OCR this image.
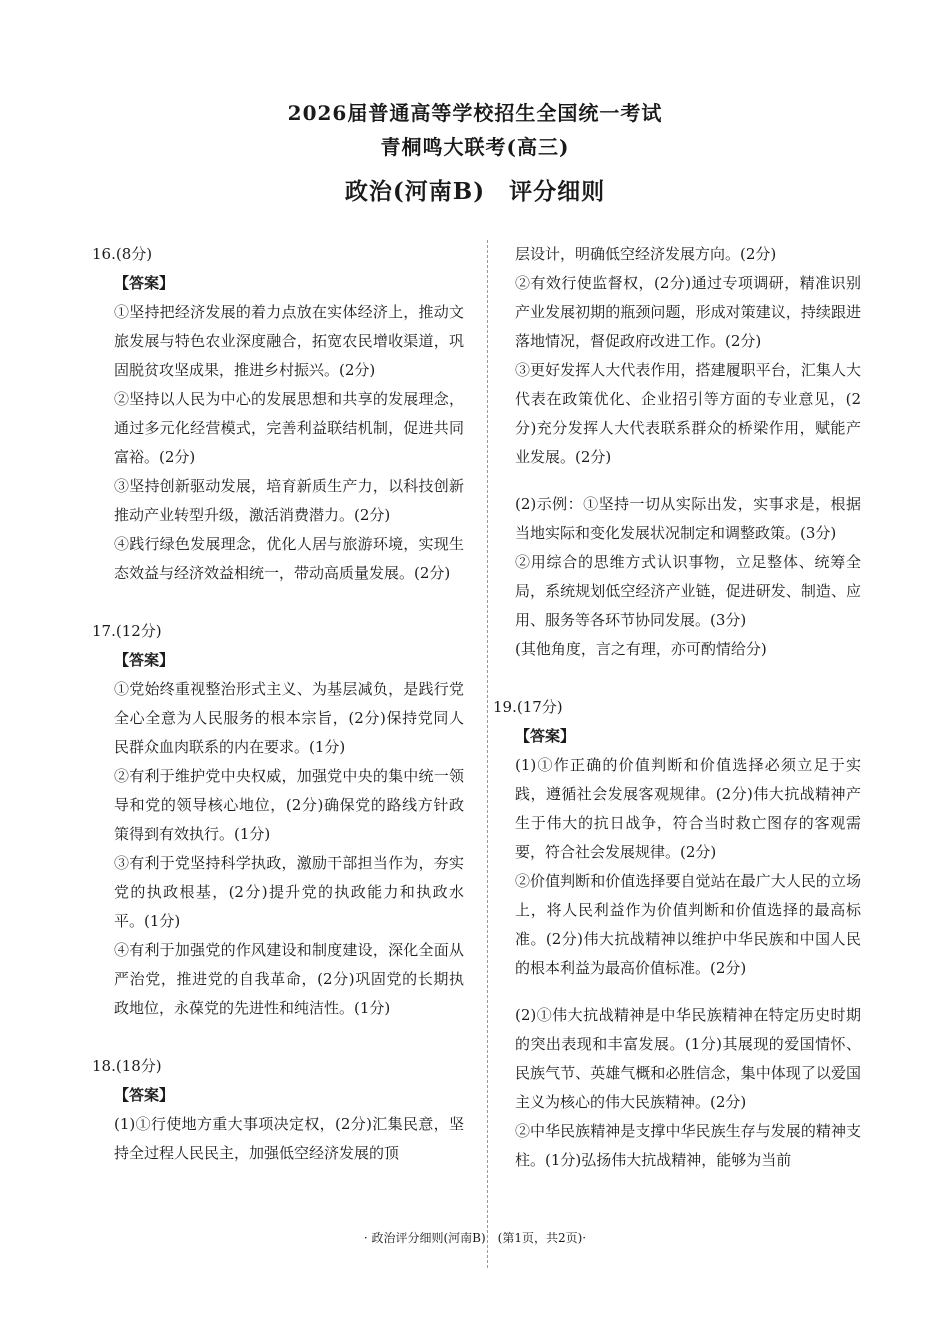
2026届普通高等学校招生全国统一考试
青桐鸣大联考(高三)
政治(河南B)　评分细则

16.(8分)

【答案】

①坚持把经济发展的着力点放在实体经济上，推动文旅发展与特色农业深度融合，拓宽农民增收渠道，巩固脱贫攻坚成果，推进乡村振兴。(2分)

②坚持以人民为中心的发展思想和共享的发展理念，通过多元化经营模式，完善利益联结机制，促进共同富裕。(2分)

③坚持创新驱动发展，培育新质生产力，以科技创新推动产业转型升级，激活消费潜力。(2分)

④践行绿色发展理念，优化人居与旅游环境，实现生态效益与经济效益相统一，带动高质量发展。(2分)

17.(12分)

【答案】

①党始终重视整治形式主义、为基层减负，是践行党全心全意为人民服务的根本宗旨，(2分)保持党同人民群众血肉联系的内在要求。(1分)

②有利于维护党中央权威，加强党中央的集中统一领导和党的领导核心地位，(2分)确保党的路线方针政策得到有效执行。(1分)

③有利于党坚持科学执政，激励干部担当作为，夯实党的执政根基，(2分)提升党的执政能力和执政水平。(1分)

④有利于加强党的作风建设和制度建设，深化全面从严治党，推进党的自我革命，(2分)巩固党的长期执政地位，永葆党的先进性和纯洁性。(1分)

18.(18分)

【答案】

(1)①行使地方重大事项决定权，(2分)汇集民意，坚持全过程人民民主，加强低空经济发展的顶

层设计，明确低空经济发展方向。(2分)

②有效行使监督权，(2分)通过专项调研，精准识别产业发展初期的瓶颈问题，形成对策建议，持续跟进落地情况，督促政府改进工作。(2分)

③更好发挥人大代表作用，搭建履职平台，汇集人大代表在政策优化、企业招引等方面的专业意见，(2分)充分发挥人大代表联系群众的桥梁作用，赋能产业发展。(2分)

(2)示例：①坚持一切从实际出发，实事求是，根据当地实际和变化发展状况制定和调整政策。(3分)

②用综合的思维方式认识事物，立足整体、统筹全局，系统规划低空经济产业链，促进研发、制造、应用、服务等各环节协同发展。(3分)

(其他角度，言之有理，亦可酌情给分)

19.(17分)

【答案】

(1)①作正确的价值判断和价值选择必须立足于实践，遵循社会发展客观规律。(2分)伟大抗战精神产生于伟大的抗日战争，符合当时救亡图存的客观需要，符合社会发展规律。(2分)

②价值判断和价值选择要自觉站在最广大人民的立场上，将人民利益作为价值判断和价值选择的最高标准。(2分)伟大抗战精神以维护中华民族和中国人民的根本利益为最高价值标准。(2分)

(2)①伟大抗战精神是中华民族精神在特定历史时期的突出表现和丰富发展。(1分)其展现的爱国情怀、民族气节、英雄气概和必胜信念，集中体现了以爱国主义为核心的伟大民族精神。(2分)

②中华民族精神是支撑中华民族生存与发展的精神支柱。(1分)弘扬伟大抗战精神，能够为当前

· 政治评分细则(河南B)　(第1页，共2页)·
